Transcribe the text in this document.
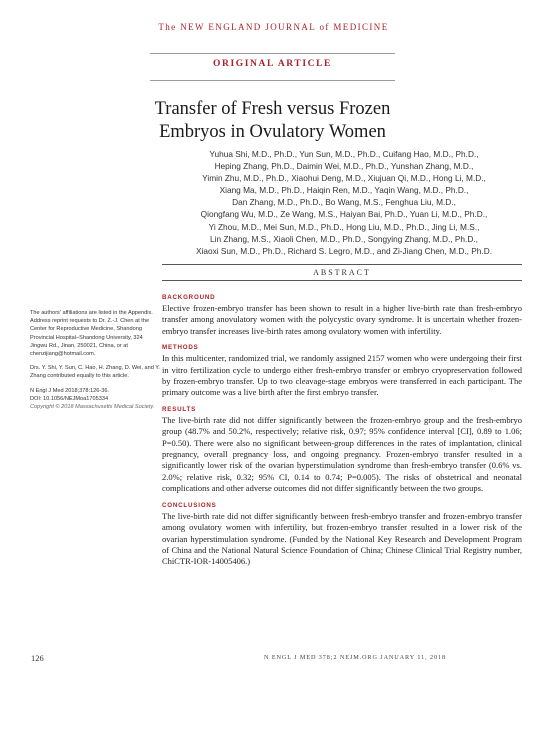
The NEW ENGLAND JOURNAL of MEDICINE
ORIGINAL ARTICLE
Transfer of Fresh versus Frozen Embryos in Ovulatory Women
Yuhua Shi, M.D., Ph.D., Yun Sun, M.D., Ph.D., Cuifang Hao, M.D., Ph.D.,
Heping Zhang, Ph.D., Daimin Wei, M.D., Ph.D., Yunshan Zhang, M.D.,
Yimin Zhu, M.D., Ph.D., Xiaohui Deng, M.D., Xiujuan Qi, M.D., Hong Li, M.D.,
Xiang Ma, M.D., Ph.D., Haiqin Ren, M.D., Yaqin Wang, M.D., Ph.D.,
Dan Zhang, M.D., Ph.D., Bo Wang, M.S., Fenghua Liu, M.D.,
Qiongfang Wu, M.D., Ze Wang, M.S., Haiyan Bai, Ph.D., Yuan Li, M.D., Ph.D.,
Yi Zhou, M.D., Mei Sun, M.D., Ph.D., Hong Liu, M.D., Ph.D., Jing Li, M.S.,
Lin Zhang, M.S., Xiaoli Chen, M.D., Ph.D., Songying Zhang, M.D., Ph.D.,
Xiaoxi Sun, M.D., Ph.D., Richard S. Legro, M.D., and Zi-Jiang Chen, M.D., Ph.D.
ABSTRACT

The authors' affiliations are listed in the Appendix. Address reprint requests to Dr. Z.-J. Chen at the Center for Reproductive Medicine, Shandong Provincial Hospital–Shandong University, 324 Jingwu Rd., Jinan, 250021, China, or at chenzijiang@hotmail.com.

Drs. Y. Shi, Y. Sun, C. Hao, H. Zhang, D. Wei, and Y. Zhang contributed equally to this article.

N Engl J Med 2018;378:126-36.

DOI: 10.1056/NEJMoa1705334

Copyright © 2018 Massachusetts Medical Society.

BACKGROUND

Elective frozen-embryo transfer has been shown to result in a higher live-birth rate than fresh-embryo transfer among anovulatory women with the polycystic ovary syndrome. It is uncertain whether frozen-embryo transfer increases live-birth rates among ovulatory women with infertility.

METHODS

In this multicenter, randomized trial, we randomly assigned 2157 women who were undergoing their first in vitro fertilization cycle to undergo either fresh-embryo transfer or embryo cryopreservation followed by frozen-embryo transfer. Up to two cleavage-stage embryos were transferred in each participant. The primary outcome was a live birth after the first embryo transfer.

RESULTS

The live-birth rate did not differ significantly between the frozen-embryo group and the fresh-embryo group (48.7% and 50.2%, respectively; relative risk, 0.97; 95% confidence interval [CI], 0.89 to 1.06; P=0.50). There were also no significant between-group differences in the rates of implantation, clinical pregnancy, overall pregnancy loss, and ongoing pregnancy. Frozen-embryo transfer resulted in a significantly lower risk of the ovarian hyperstimulation syndrome than fresh-embryo transfer (0.6% vs. 2.0%; relative risk, 0.32; 95% CI, 0.14 to 0.74; P=0.005). The risks of obstetrical and neonatal complications and other adverse outcomes did not differ significantly between the two groups.

CONCLUSIONS

The live-birth rate did not differ significantly between fresh-embryo transfer and frozen-embryo transfer among ovulatory women with infertility, but frozen-embryo transfer resulted in a lower risk of the ovarian hyperstimulation syndrome. (Funded by the National Key Research and Development Program of China and the National Natural Science Foundation of China; Chinese Clinical Trial Registry number, ChiCTR-IOR-14005406.)

126	N ENGL J MED 378;2 NEJM.ORG JANUARY 11, 2018
